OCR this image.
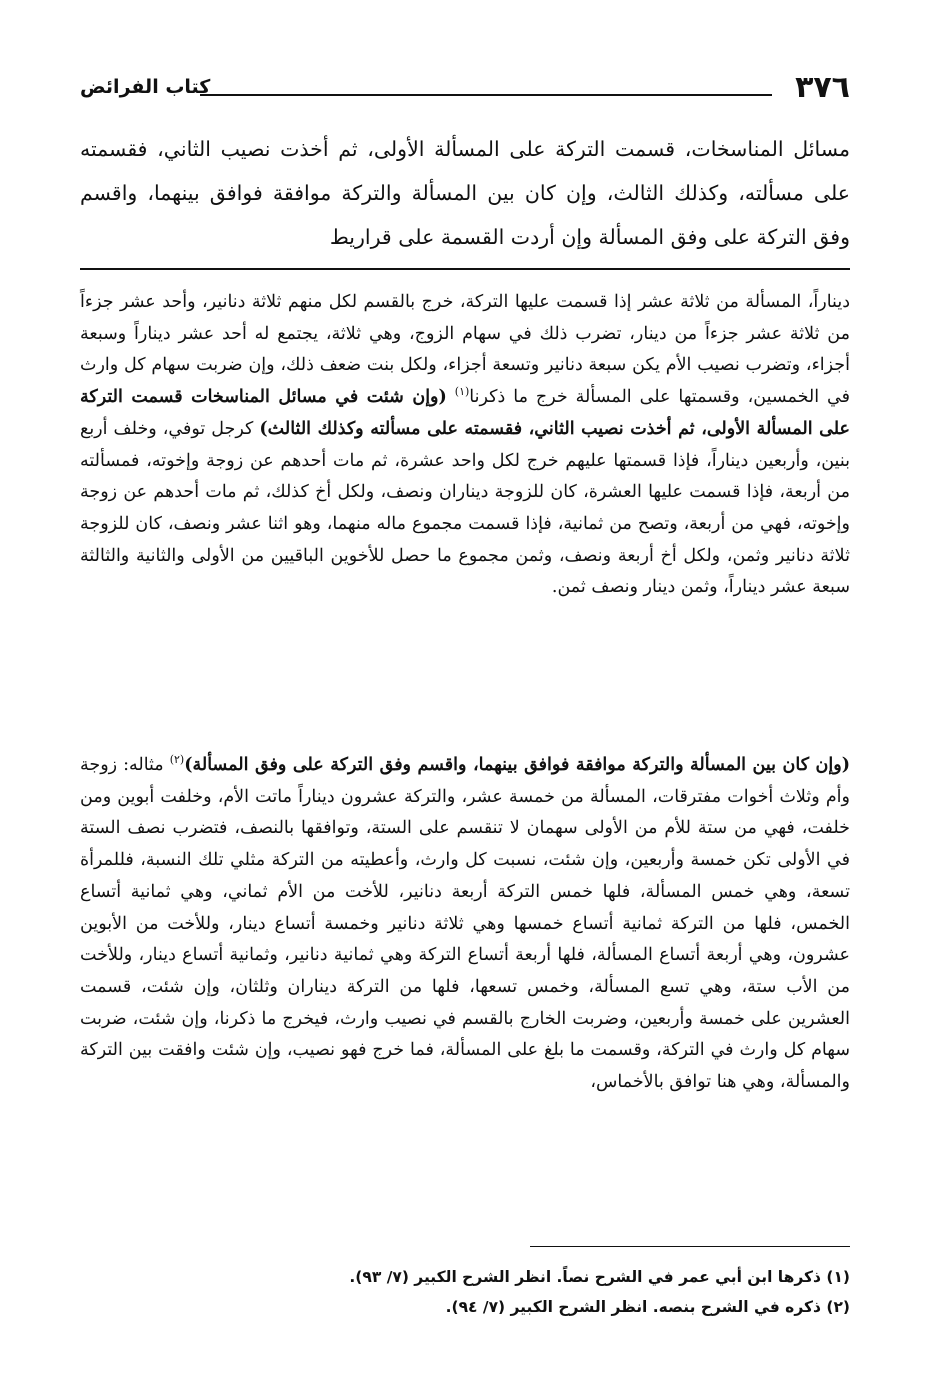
٣٧٦
كتاب الفرائض

مسائل المناسخات، قسمت التركة على المسألة الأولى، ثم أخذت نصيب الثاني، فقسمته على مسألته، وكذلك الثالث، وإن كان بين المسألة والتركة موافقة فوافق بينهما، واقسم وفق التركة على وفق المسألة وإن أردت القسمة على قراريط

ديناراً، المسألة من ثلاثة عشر إذا قسمت عليها التركة، خرج بالقسم لكل منهم ثلاثة دنانير، وأحد عشر جزءاً من ثلاثة عشر جزءاً من دينار، تضرب ذلك في سهام الزوج، وهي ثلاثة، يجتمع له أحد عشر ديناراً وسبعة أجزاء، وتضرب نصيب الأم يكن سبعة دنانير وتسعة أجزاء، ولكل بنت ضعف ذلك، وإن ضربت سهام كل وارث في الخمسين، وقسمتها على المسألة خرج ما ذكرنا$^{(١)}$ (وإن شئت في مسائل المناسخات قسمت التركة على المسألة الأولى، ثم أخذت نصيب الثاني، فقسمته على مسألته وكذلك الثالث) كرجل توفي، وخلف أربع بنين، وأربعين ديناراً، فإذا قسمتها عليهم خرج لكل واحد عشرة، ثم مات أحدهم عن زوجة وإخوته، فمسألته من أربعة، فإذا قسمت عليها العشرة، كان للزوجة ديناران ونصف، ولكل أخ كذلك، ثم مات أحدهم عن زوجة وإخوته، فهي من أربعة، وتصح من ثمانية، فإذا قسمت مجموع ماله منهما، وهو اثنا عشر ونصف، كان للزوجة ثلاثة دنانير وثمن، ولكل أخ أربعة ونصف، وثمن مجموع ما حصل للأخوين الباقيين من الأولى والثانية والثالثة سبعة عشر ديناراً، وثمن دينار ونصف ثمن.

(وإن كان بين المسألة والتركة موافقة فوافق بينهما، واقسم وفق التركة على وفق المسألة)$^{(٢)}$ مثاله: زوجة وأم وثلاث أخوات مفترقات، المسألة من خمسة عشر، والتركة عشرون ديناراً ماتت الأم، وخلفت أبوين ومن خلفت، فهي من ستة للأم من الأولى سهمان لا تنقسم على الستة، وتوافقها بالنصف، فتضرب نصف الستة في الأولى تكن خمسة وأربعين، وإن شئت، نسبت كل وارث، وأعطيته من التركة مثلي تلك النسبة، فللمرأة تسعة، وهي خمس المسألة، فلها خمس التركة أربعة دنانير، للأخت من الأم ثماني، وهي ثمانية أتساع الخمس، فلها من التركة ثمانية أتساع خمسها وهي ثلاثة دنانير وخمسة أتساع دينار، وللأخت من الأبوين عشرون، وهي أربعة أتساع المسألة، فلها أربعة أتساع التركة وهي ثمانية دنانير، وثمانية أتساع دينار، وللأخت من الأب ستة، وهي تسع المسألة، وخمس تسعها، فلها من التركة ديناران وثلثان، وإن شئت، قسمت العشرين على خمسة وأربعين، وضربت الخارج بالقسم في نصيب وارث، فيخرج ما ذكرنا، وإن شئت، ضربت سهام كل وارث في التركة، وقسمت ما بلغ على المسألة، فما خرج فهو نصيب، وإن شئت وافقت بين التركة والمسألة، وهي هنا توافق بالأخماس،

(١) ذكرها ابن أبي عمر في الشرح نصاً. انظر الشرح الكبير (٧/ ٩٣).
(٢) ذكره في الشرح بنصه. انظر الشرح الكبير (٧/ ٩٤).
